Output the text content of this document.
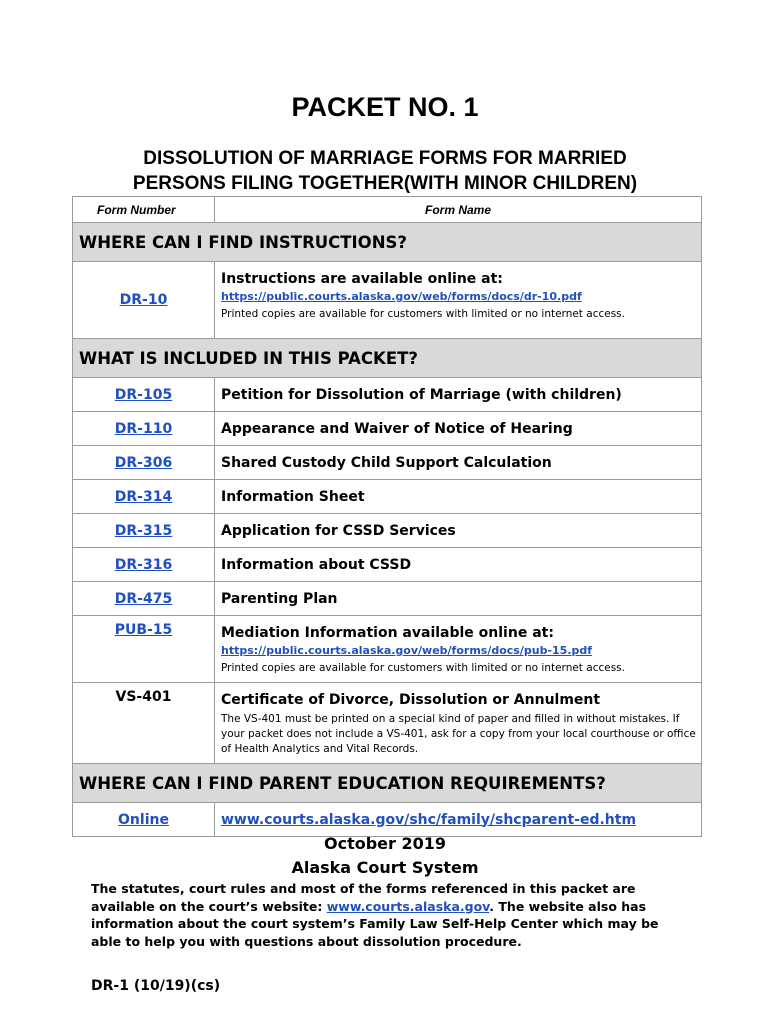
PACKET NO. 1
DISSOLUTION OF MARRIAGE FORMS FOR MARRIED
PERSONS FILING TOGETHER(WITH MINOR CHILDREN)
Form Number	Form Name
WHERE CAN I FIND INSTRUCTIONS?	
DR-10	Instructions are available online at:
https://public.courts.alaska.gov/web/forms/docs/dr-10.pdf
Printed copies are available for customers with limited or no internet access.

WHAT IS INCLUDED IN THIS PACKET?	
DR-105	Petition for Dissolution of Marriage (with children)
DR-110	Appearance and Waiver of Notice of Hearing
DR-306	Shared Custody Child Support Calculation
DR-314	Information Sheet
DR-315	Application for CSSD Services
DR-316	Information about CSSD
DR-475	Parenting Plan
PUB-15	Mediation Information available online at:
https://public.courts.alaska.gov/web/forms/docs/pub-15.pdf
Printed copies are available for customers with limited or no internet access.

VS-401	Certificate of Divorce, Dissolution or Annulment
The VS-401 must be printed on a special kind of paper and filled in without mistakes. If your packet does not include a VS-401, ask for a copy from your local courthouse or office of Health Analytics and Vital Records.

WHERE CAN I FIND PARENT EDUCATION REQUIREMENTS?	
Online	www.courts.alaska.gov/shc/family/shcparent-ed.htm
October 2019
Alaska Court System
The statutes, court rules and most of the forms referenced in this packet are available on the court’s website: www.courts.alaska.gov. The website also has information about the court system’s Family Law Self-Help Center which may be able to help you with questions about dissolution procedure.
DR-1 (10/19)(cs)
